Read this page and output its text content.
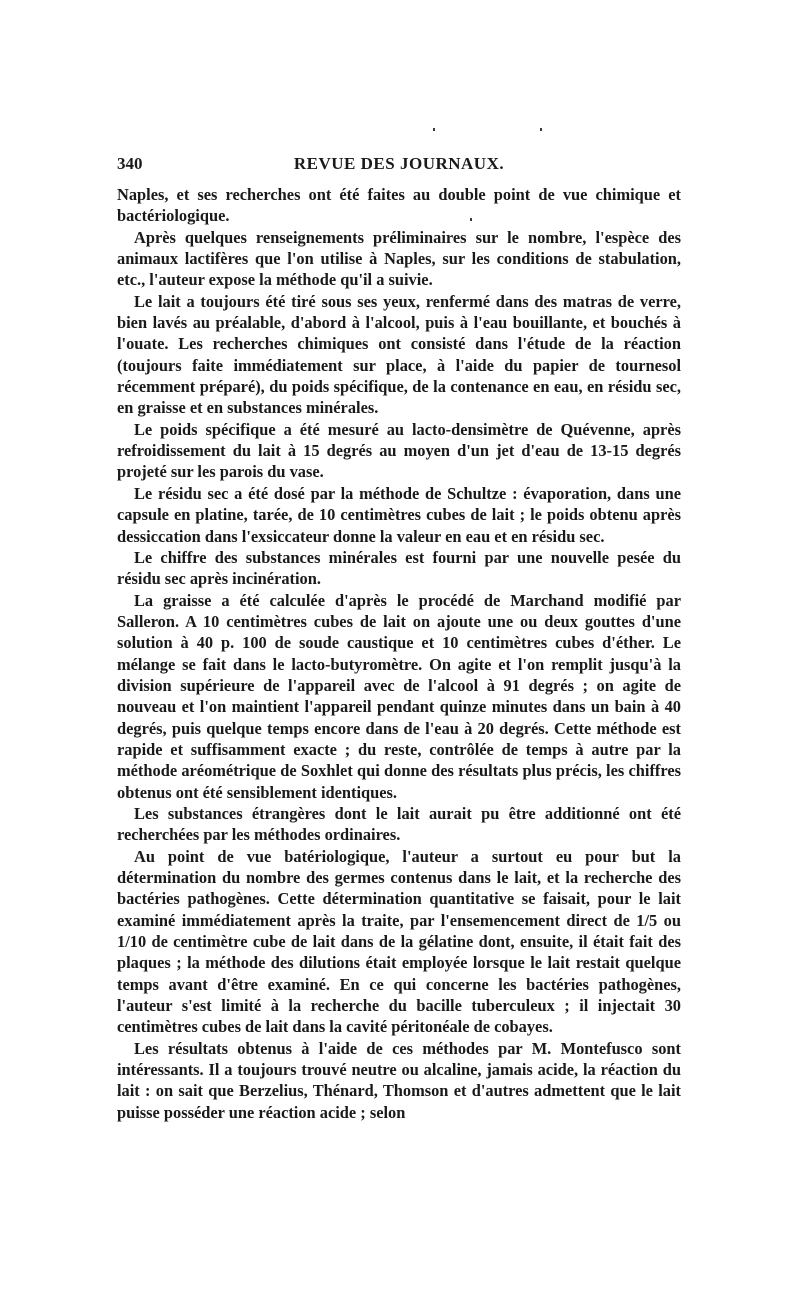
340	REVUE DES JOURNAUX.

Naples, et ses recherches ont été faites au double point de vue chimique et bactériologique.

Après quelques renseignements préliminaires sur le nombre, l'espèce des animaux lactifères que l'on utilise à Naples, sur les conditions de stabulation, etc., l'auteur expose la méthode qu'il a suivie.

Le lait a toujours été tiré sous ses yeux, renfermé dans des matras de verre, bien lavés au préalable, d'abord à l'alcool, puis à l'eau bouillante, et bouchés à l'ouate. Les recherches chimiques ont consisté dans l'étude de la réaction (toujours faite immédiatement sur place, à l'aide du papier de tournesol récemment préparé), du poids spécifique, de la contenance en eau, en résidu sec, en graisse et en substances minérales.

Le poids spécifique a été mesuré au lacto-densimètre de Quévenne, après refroidissement du lait à 15 degrés au moyen d'un jet d'eau de 13-15 degrés projeté sur les parois du vase.

Le résidu sec a été dosé par la méthode de Schultze : évaporation, dans une capsule en platine, tarée, de 10 centimètres cubes de lait ; le poids obtenu après dessiccation dans l'exsiccateur donne la valeur en eau et en résidu sec.

Le chiffre des substances minérales est fourni par une nouvelle pesée du résidu sec après incinération.

La graisse a été calculée d'après le procédé de Marchand modifié par Salleron. A 10 centimètres cubes de lait on ajoute une ou deux gouttes d'une solution à 40 p. 100 de soude caustique et 10 centimètres cubes d'éther. Le mélange se fait dans le lacto-butyromètre. On agite et l'on remplit jusqu'à la division supérieure de l'appareil avec de l'alcool à 91 degrés ; on agite de nouveau et l'on maintient l'appareil pendant quinze minutes dans un bain à 40 degrés, puis quelque temps encore dans de l'eau à 20 degrés. Cette méthode est rapide et suffisamment exacte ; du reste, contrôlée de temps à autre par la méthode aréométrique de Soxhlet qui donne des résultats plus précis, les chiffres obtenus ont été sensiblement identiques.

Les substances étrangères dont le lait aurait pu être additionné ont été recherchées par les méthodes ordinaires.

Au point de vue batériologique, l'auteur a surtout eu pour but la détermination du nombre des germes contenus dans le lait, et la recherche des bactéries pathogènes. Cette détermination quantitative se faisait, pour le lait examiné immédiatement après la traite, par l'ensemencement direct de 1/5 ou 1/10 de centimètre cube de lait dans de la gélatine dont, ensuite, il était fait des plaques ; la méthode des dilutions était employée lorsque le lait restait quelque temps avant d'être examiné. En ce qui concerne les bactéries pathogènes, l'auteur s'est limité à la recherche du bacille tuberculeux ; il injectait 30 centimètres cubes de lait dans la cavité péritonéale de cobayes.

Les résultats obtenus à l'aide de ces méthodes par M. Montefusco sont intéressants. Il a toujours trouvé neutre ou alcaline, jamais acide, la réaction du lait : on sait que Berzelius, Thénard, Thomson et d'autres admettent que le lait puisse posséder une réaction acide ; selon
